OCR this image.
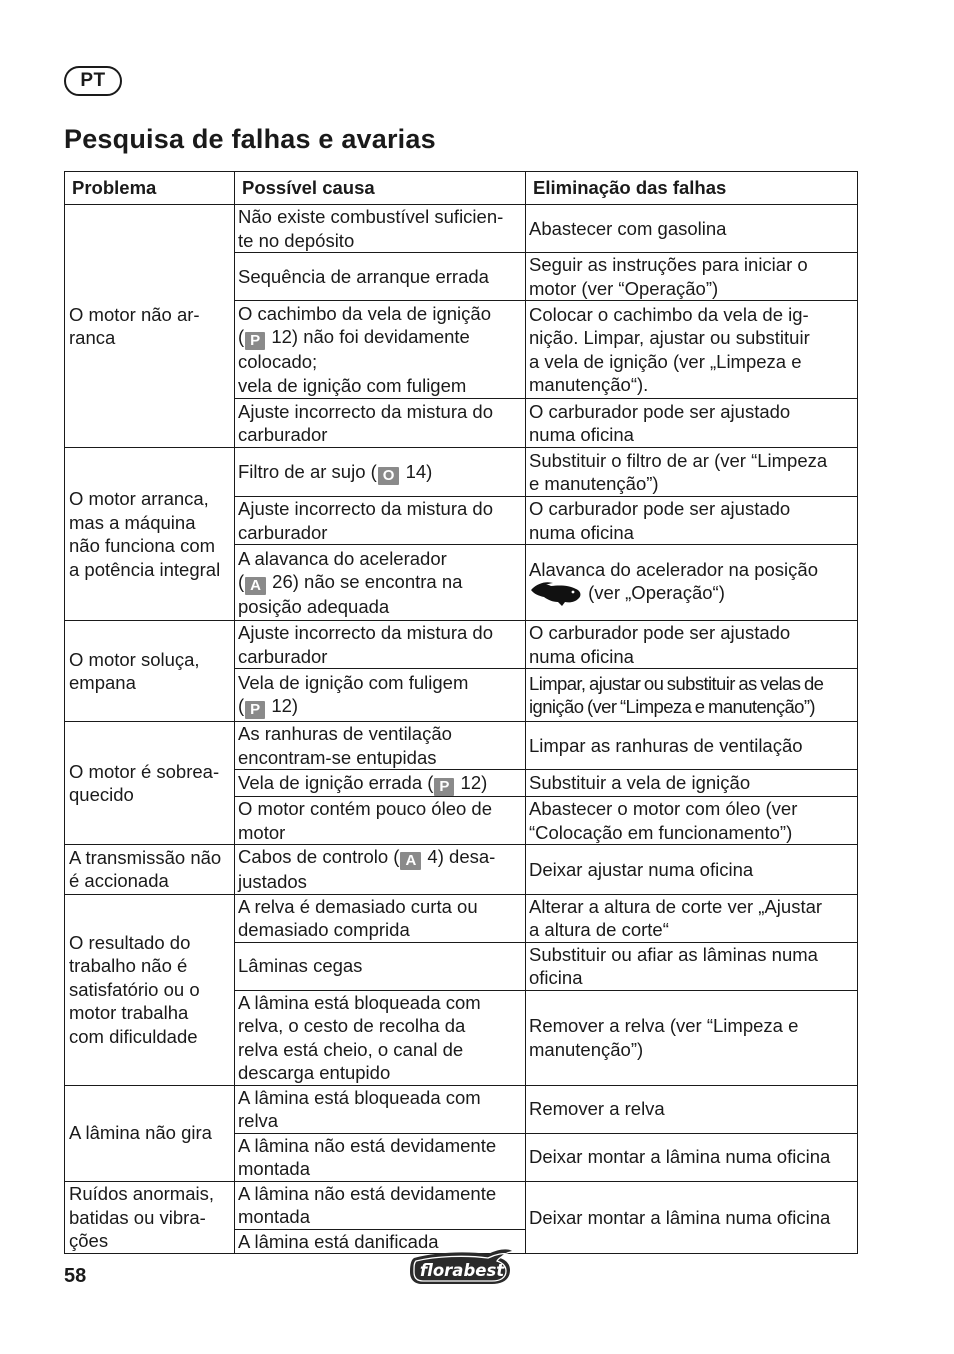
PT
Pesquisa de falhas e avarias
Problema	Possível causa	Eliminação das falhas
O motor não ar-
ranca	Não existe combustível suficien-
te no depósito	Abastecer com gasolina
	Sequência de arranque errada	Seguir as instruções para iniciar o
motor (ver “Operação”)
	O cachimbo da vela de ignição
( P 12) não foi devidamente
colocado;
vela de ignição com fuligem	Colocar o cachimbo da vela de ig-
nição. Limpar, ajustar ou substituir
a vela de ignição (ver „Limpeza e
manutenção“).
	Ajuste incorrecto da mistura do
carburador	O carburador pode ser ajustado
numa oficina
O motor arranca,
mas a máquina
não funciona com
a potência integral	Filtro de ar sujo ( O 14)	Substituir o filtro de ar (ver “Limpeza
e manutenção”)
	Ajuste incorrecto da mistura do
carburador	O carburador pode ser ajustado
numa oficina
	A alavanca do acelerador
( A 26) não se encontra na
posição adequada	Alavanca do acelerador na posição
(ver „Operação“)
O motor soluça,
empana	Ajuste incorrecto da mistura do
carburador	O carburador pode ser ajustado
numa oficina
	Vela de ignição com fuligem
( P 12)	Limpar, ajustar ou substituir as velas de
ignição (ver “Limpeza e manutenção”)
O motor é sobrea-
quecido	As ranhuras de ventilação
encontram-se entupidas	Limpar as ranhuras de ventilação
	Vela de ignição errada ( P 12)	Substituir a vela de ignição
	O motor contém pouco óleo de
motor	Abastecer o motor com óleo (ver
“Colocação em funcionamento”)
A transmissão não
é accionada	Cabos de controlo ( A 4) desa-
justados	Deixar ajustar numa oficina
O resultado do
trabalho não é
satisfatório ou o
motor trabalha
com dificuldade	A relva é demasiado curta ou
demasiado comprida	Alterar a altura de corte ver „Ajustar
a altura de corte“
	Lâminas cegas	Substituir ou afiar as lâminas numa
oficina
	A lâmina está bloqueada com
relva, o cesto de recolha da
relva está cheio, o canal de
descarga entupido	Remover a relva (ver “Limpeza e
manutenção”)
A lâmina não gira	A lâmina está bloqueada com
relva	Remover a relva
	A lâmina não está devidamente
montada	Deixar montar a lâmina numa oficina
Ruídos anormais,
batidas ou vibra-
ções	A lâmina não está devidamente
montada	Deixar montar a lâmina numa oficina
	A lâmina está danificada	
58	florabest
